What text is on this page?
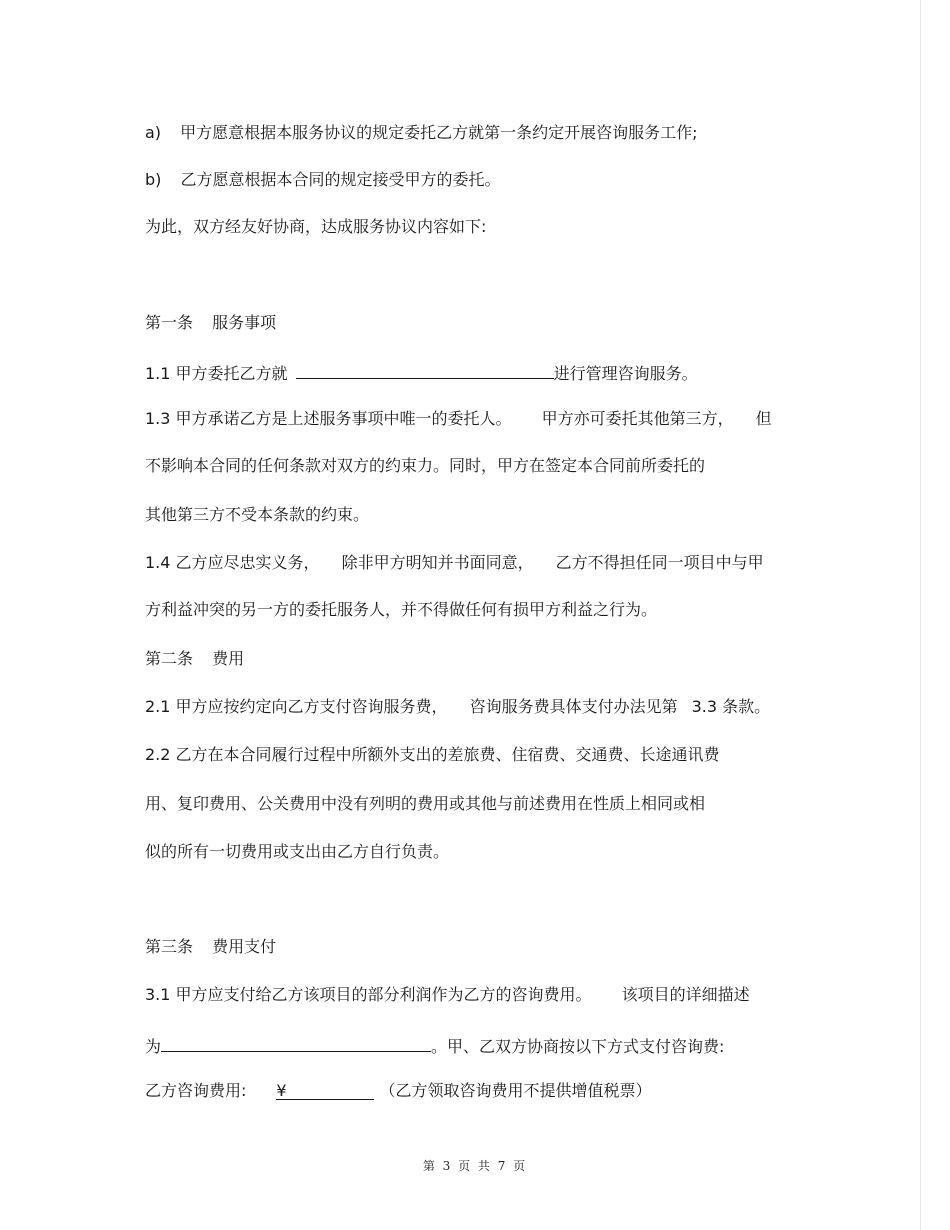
a) 甲方愿意根据本服务协议的规定委托乙方就第一条约定开展咨询服务工作;
b) 乙方愿意根据本合同的规定接受甲方的委托。
为此，双方经友好协商，达成服务协议内容如下:
第一条 服务事项
1.1 甲方委托乙方就	进行管理咨询服务。
1.3 甲方承诺乙方是上述服务事项中唯一的委托人。 甲方亦可委托其他第三方， 但
不影响本合同的任何条款对双方的约束力。同时，甲方在签定本合同前所委托的
其他第三方不受本条款的约束。
1.4 乙方应尽忠实义务， 除非甲方明知并书面同意， 乙方不得担任同一项目中与甲
方利益冲突的另一方的委托服务人，并不得做任何有损甲方利益之行为。
第二条 费用
2.1 甲方应按约定向乙方支付咨询服务费， 咨询服务费具体支付办法见第 3.3 条款。
2.2 乙方在本合同履行过程中所额外支出的差旅费、住宿费、交通费、长途通讯费
用、复印费用、公关费用中没有列明的费用或其他与前述费用在性质上相同或相
似的所有一切费用或支出由乙方自行负责。
第三条 费用支付
3.1 甲方应支付给乙方该项目的部分利润作为乙方的咨询费用。 该项目的详细描述
为	。甲、乙双方协商按以下方式支付咨询费:
乙方咨询费用: ¥	（乙方领取咨询费用不提供增值税票）
第 3 页 共 7 页
